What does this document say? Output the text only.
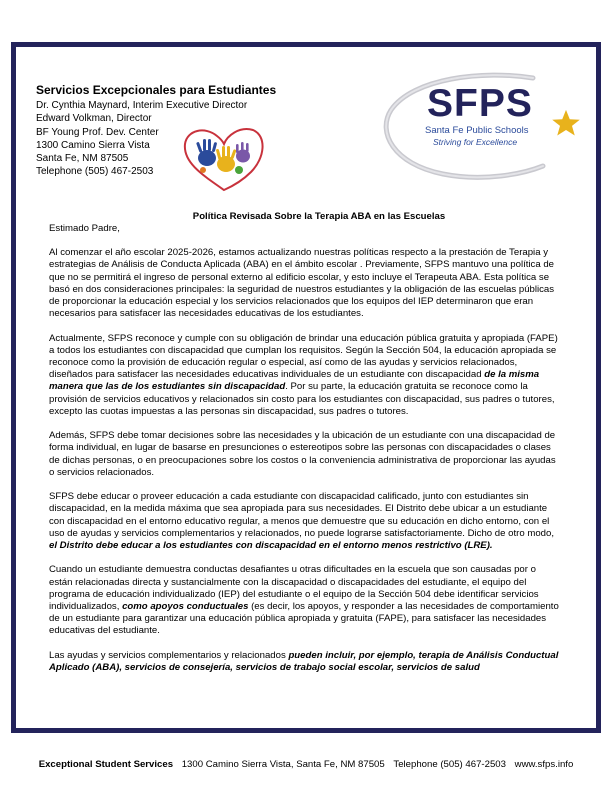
Servicios Excepcionales para Estudiantes
Dr. Cynthia Maynard, Interim Executive Director
Edward Volkman, Director
BF Young Prof. Dev. Center
1300 Camino Sierra Vista
Santa Fe, NM 87505
Telephone (505) 467-2503
SFPS
Santa Fe Public Schools
Striving for Excellence
Política Revisada Sobre la Terapia ABA en las Escuelas
Estimado Padre,

Al comenzar el año escolar 2025-2026, estamos actualizando nuestras políticas respecto a la prestación de Terapia y estrategias de Análisis de Conducta Aplicada (ABA) en el ámbito escolar . Previamente, SFPS mantuvo una política de que no se permitirá el ingreso de personal externo al edificio escolar, y esto incluye el Terapeuta ABA. Esta política se basó en dos consideraciones principales: la seguridad de nuestros estudiantes y la obligación de las escuelas públicas de proporcionar la educación especial y los servicios relacionados que los equipos del IEP determinaron que eran necesarios para satisfacer las necesidades educativas de los estudiantes.

Actualmente, SFPS reconoce y cumple con su obligación de brindar una educación pública gratuita y apropiada (FAPE) a todos los estudiantes con discapacidad que cumplan los requisitos. Según la Sección 504, la educación apropiada se reconoce como la provisión de educación regular o especial, así como de las ayudas y servicios relacionados, diseñados para satisfacer las necesidades educativas individuales de un estudiante con discapacidad de la misma manera que las de los estudiantes sin discapacidad. Por su parte, la educación gratuita se reconoce como la provisión de servicios educativos y relacionados sin costo para los estudiantes con discapacidad, sus padres o tutores, excepto las cuotas impuestas a las personas sin discapacidad, sus padres o tutores.

Además, SFPS debe tomar decisiones sobre las necesidades y la ubicación de un estudiante con una discapacidad de forma individual, en lugar de basarse en presunciones o estereotipos sobre las personas con discapacidades o clases de dichas personas, o en preocupaciones sobre los costos o la conveniencia administrativa de proporcionar las ayudas o servicios relacionados.

SFPS debe educar o proveer educación a cada estudiante con discapacidad calificado, junto con estudiantes sin discapacidad, en la medida máxima que sea apropiada para sus necesidades. El Distrito debe ubicar a un estudiante con discapacidad en el entorno educativo regular, a menos que demuestre que su educación en dicho entorno, con el uso de ayudas y servicios complementarios y relacionados, no puede lograrse satisfactoriamente. Dicho de otro modo, el Distrito debe educar a los estudiantes con discapacidad en el entorno menos restrictivo (LRE).

Cuando un estudiante demuestra conductas desafiantes u otras dificultades en la escuela que son causadas por o están relacionadas directa y sustancialmente con la discapacidad o discapacidades del estudiante, el equipo del programa de educación individualizado (IEP) del estudiante o el equipo de la Sección 504 debe identificar servicios individualizados, como apoyos conductuales (es decir, los apoyos, y responder a las necesidades de comportamiento de un estudiante para garantizar una educación pública apropiada y gratuita (FAPE), para satisfacer las necesidades educativas del estudiante.

Las ayudas y servicios complementarios y relacionados pueden incluir, por ejemplo, terapia de Análisis Conductual Aplicado (ABA), servicios de consejería, servicios de trabajo social escolar, servicios de salud

Exceptional Student Services 1300 Camino Sierra Vista, Santa Fe, NM 87505 Telephone (505) 467-2503 www.sfps.info
